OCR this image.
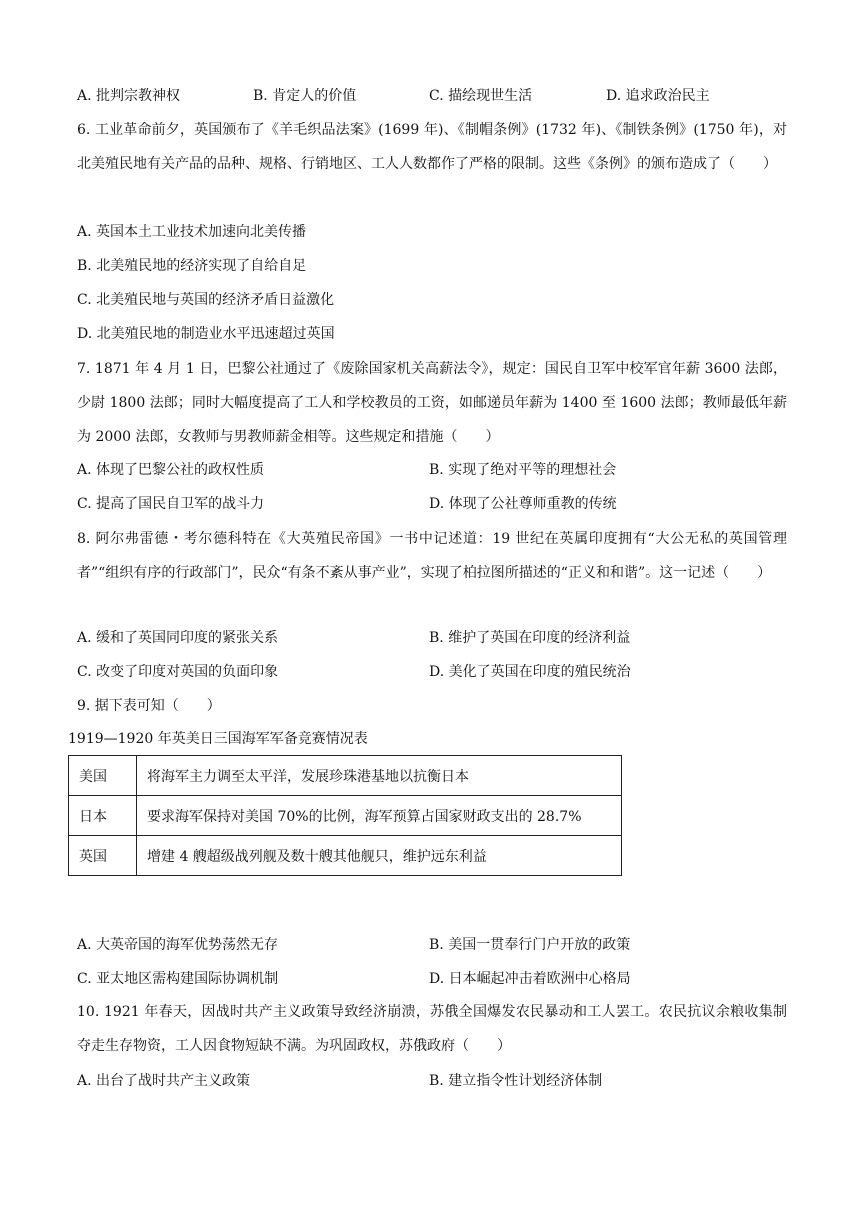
A. 批判宗教神权	B. 肯定人的价值	C. 描绘现世生活	D. 追求政治民主
6. 工业革命前夕，英国颁布了《羊毛织品法案》(1699 年)、《制帽条例》(1732 年)、《制铁条例》(1750 年)，对北美殖民地有关产品的品种、规格、行销地区、工人人数都作了严格的限制。这些《条例》的颁布造成了（　　）
A. 英国本土工业技术加速向北美传播
B. 北美殖民地的经济实现了自给自足
C. 北美殖民地与英国的经济矛盾日益激化
D. 北美殖民地的制造业水平迅速超过英国
7. 1871 年 4 月 1 日，巴黎公社通过了《废除国家机关高薪法令》，规定：国民自卫军中校军官年薪 3600 法郎，少尉 1800 法郎；同时大幅度提高了工人和学校教员的工资，如邮递员年薪为 1400 至 1600 法郎；教师最低年薪为 2000 法郎，女教师与男教师薪金相等。这些规定和措施（　　）
A. 体现了巴黎公社的政权性质	B. 实现了绝对平等的理想社会
C. 提高了国民自卫军的战斗力	D. 体现了公社尊师重教的传统
8. 阿尔弗雷德・考尔德科特在《大英殖民帝国》一书中记述道：19 世纪在英属印度拥有“大公无私的英国管理者”“组织有序的行政部门”，民众“有条不紊从事产业”，实现了柏拉图所描述的“正义和和谐”。这一记述（　　）
A. 缓和了英国同印度的紧张关系	B. 维护了英国在印度的经济利益
C. 改变了印度对英国的负面印象	D. 美化了英国在印度的殖民统治
9. 据下表可知（　　）
1919—1920 年英美日三国海军军备竞赛情况表
美国	将海军主力调至太平洋，发展珍珠港基地以抗衡日本
日本	要求海军保持对美国 70%的比例，海军预算占国家财政支出的 28.7%
英国	增建 4 艘超级战列舰及数十艘其他舰只，维护远东利益
A. 大英帝国的海军优势荡然无存	B. 美国一贯奉行门户开放的政策
C. 亚太地区需构建国际协调机制	D. 日本崛起冲击着欧洲中心格局
10. 1921 年春天，因战时共产主义政策导致经济崩溃，苏俄全国爆发农民暴动和工人罢工。农民抗议余粮收集制夺走生存物资，工人因食物短缺不满。为巩固政权，苏俄政府（　　）
A. 出台了战时共产主义政策	B. 建立指令性计划经济体制
